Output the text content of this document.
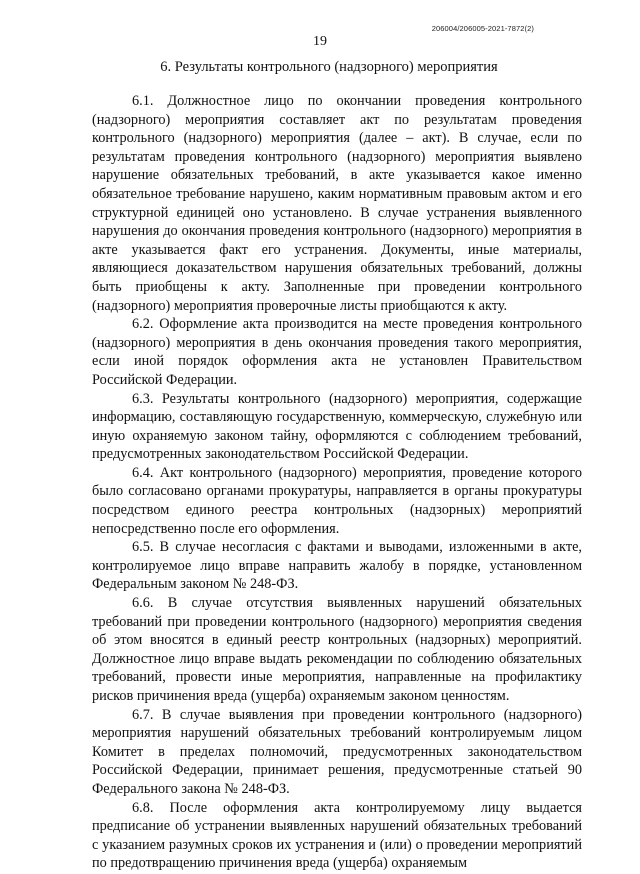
206004/206005-2021-7872(2)
19
6. Результаты контрольного (надзорного) мероприятия

6.1. Должностное лицо по окончании проведения контрольного (надзорного) мероприятия составляет акт по результатам проведения контрольного (надзорного) мероприятия (далее – акт). В случае, если по результатам проведения контрольного (надзорного) мероприятия выявлено нарушение обязательных требований, в акте указывается какое именно обязательное требование нарушено, каким нормативным правовым актом и его структурной единицей оно установлено. В случае устранения выявленного нарушения до окончания проведения контрольного (надзорного) мероприятия в акте указывается факт его устранения. Документы, иные материалы, являющиеся доказательством нарушения обязательных требований, должны быть приобщены к акту. Заполненные при проведении контрольного (надзорного) мероприятия проверочные листы приобщаются к акту.

6.2. Оформление акта производится на месте проведения контрольного (надзорного) мероприятия в день окончания проведения такого мероприятия, если иной порядок оформления акта не установлен Правительством Российской Федерации.

6.3. Результаты контрольного (надзорного) мероприятия, содержащие информацию, составляющую государственную, коммерческую, служебную или иную охраняемую законом тайну, оформляются с соблюдением требований, предусмотренных законодательством Российской Федерации.

6.4. Акт контрольного (надзорного) мероприятия, проведение которого было согласовано органами прокуратуры, направляется в органы прокуратуры посредством единого реестра контрольных (надзорных) мероприятий непосредственно после его оформления.

6.5. В случае несогласия с фактами и выводами, изложенными в акте, контролируемое лицо вправе направить жалобу в порядке, установленном Федеральным законом № 248-ФЗ.

6.6. В случае отсутствия выявленных нарушений обязательных требований при проведении контрольного (надзорного) мероприятия сведения об этом вносятся в единый реестр контрольных (надзорных) мероприятий. Должностное лицо вправе выдать рекомендации по соблюдению обязательных требований, провести иные мероприятия, направленные на профилактику рисков причинения вреда (ущерба) охраняемым законом ценностям.

6.7. В случае выявления при проведении контрольного (надзорного) мероприятия нарушений обязательных требований контролируемым лицом Комитет в пределах полномочий, предусмотренных законодательством Российской Федерации, принимает решения, предусмотренные статьей 90 Федерального закона № 248-ФЗ.

6.8. После оформления акта контролируемому лицу выдается предписание об устранении выявленных нарушений обязательных требований с указанием разумных сроков их устранения и (или) о проведении мероприятий по предотвращению причинения вреда (ущерба) охраняемым
